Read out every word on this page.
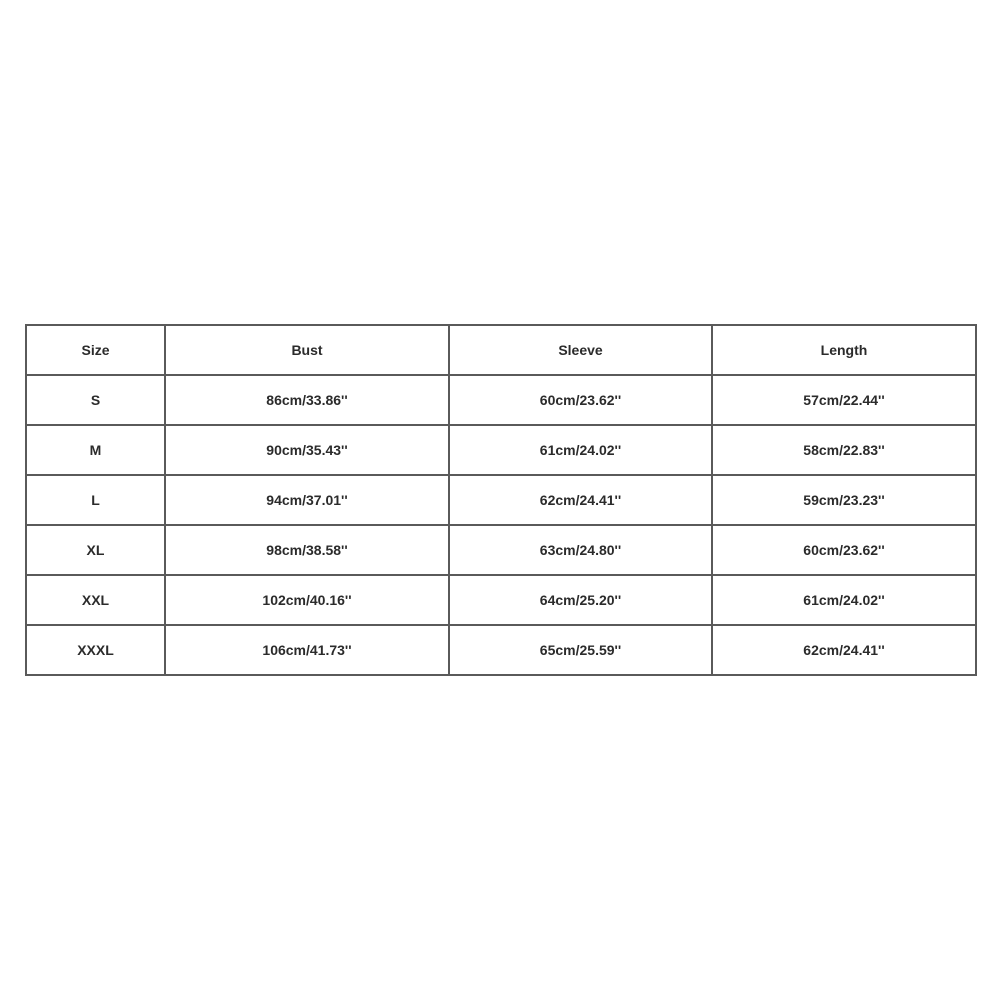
Size	Bust	Sleeve	Length
S	86cm/33.86''	60cm/23.62''	57cm/22.44''
M	90cm/35.43''	61cm/24.02''	58cm/22.83''
L	94cm/37.01''	62cm/24.41''	59cm/23.23''
XL	98cm/38.58''	63cm/24.80''	60cm/23.62''
XXL	102cm/40.16''	64cm/25.20''	61cm/24.02''
XXXL	106cm/41.73''	65cm/25.59''	62cm/24.41''
